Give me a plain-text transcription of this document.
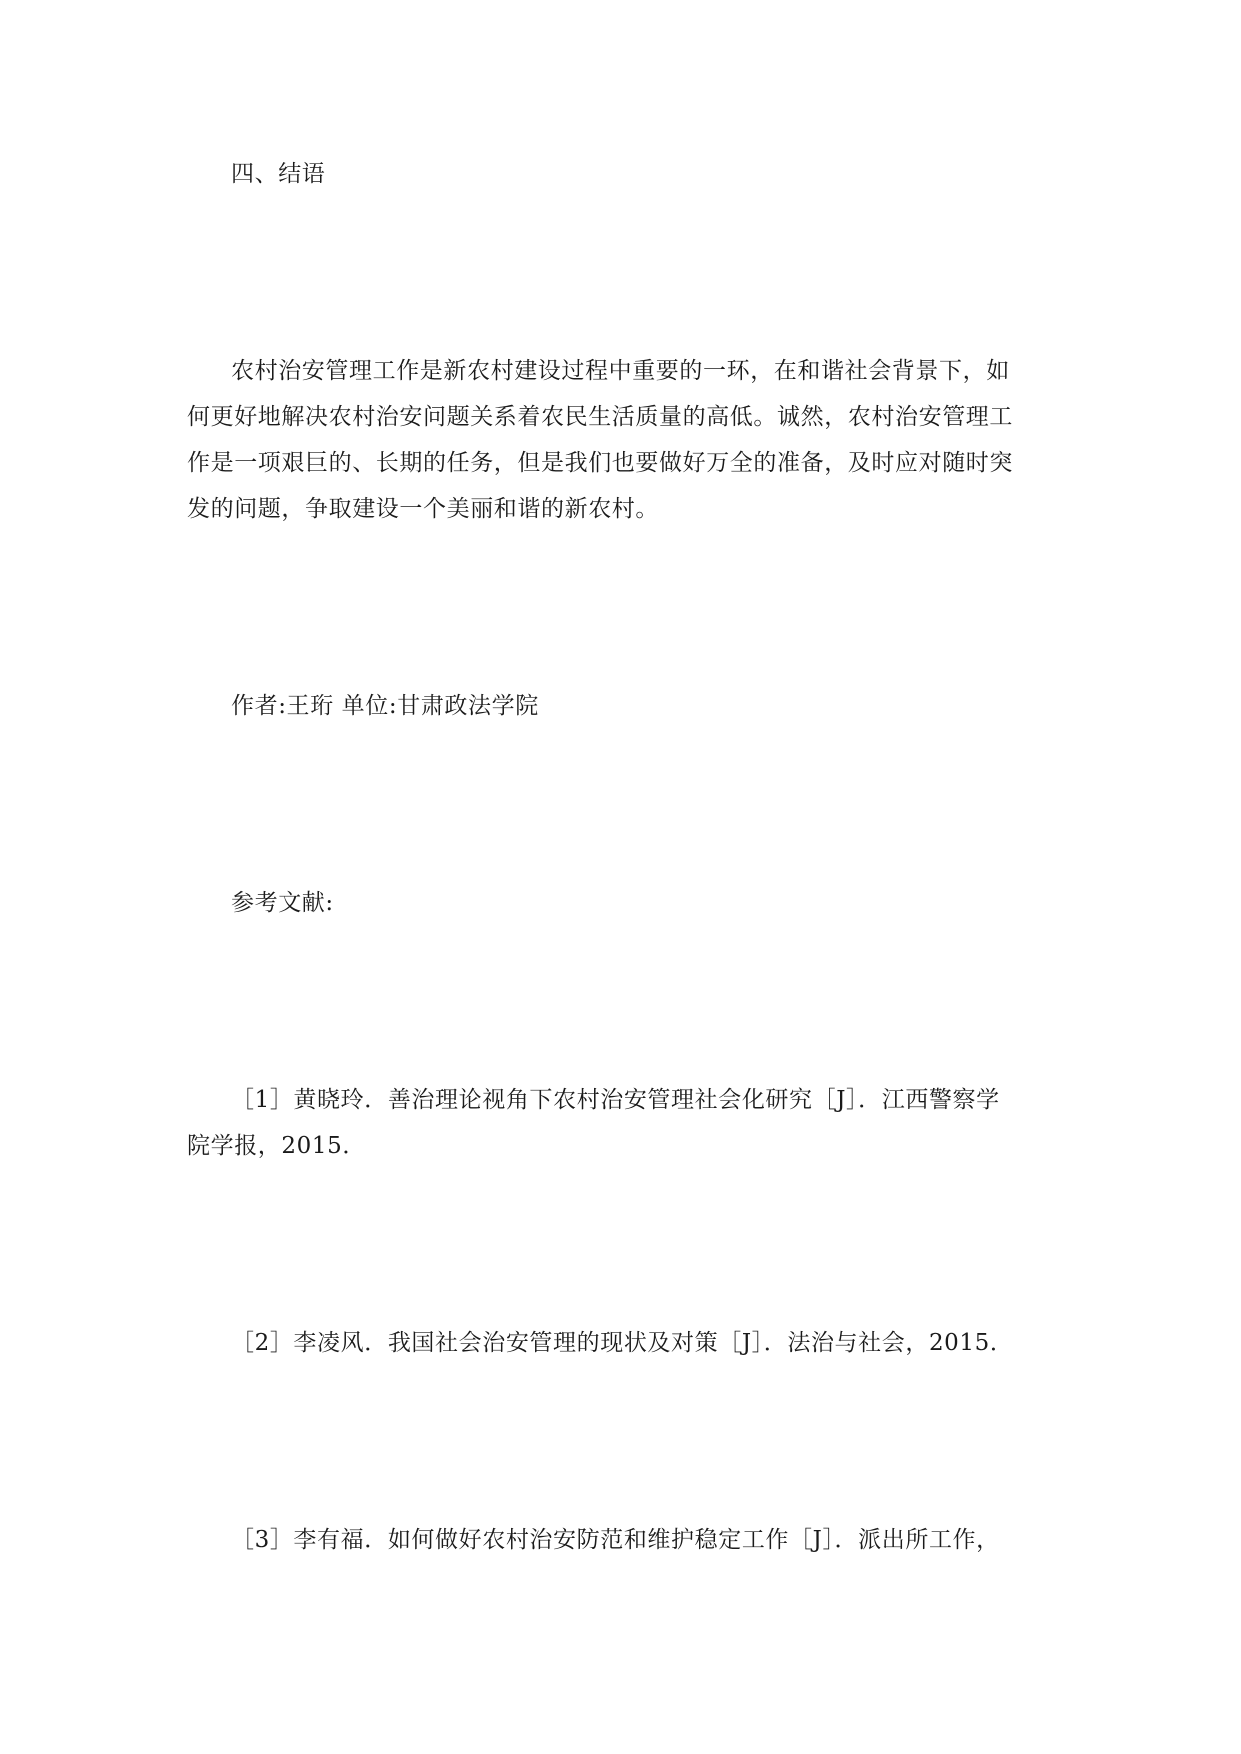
四、结语

农村治安管理工作是新农村建设过程中重要的一环，在和谐社会背景下，如

何更好地解决农村治安问题关系着农民生活质量的高低。诚然，农村治安管理工

作是一项艰巨的、长期的任务，但是我们也要做好万全的准备，及时应对随时突

发的问题，争取建设一个美丽和谐的新农村。

作者:王珩 单位:甘肃政法学院

参考文献:

［1］黄晓玲．善治理论视角下农村治安管理社会化研究［J］．江西警察学

院学报，2015．

［2］李凌风．我国社会治安管理的现状及对策［J］．法治与社会，2015．

［3］李有福．如何做好农村治安防范和维护稳定工作［J］．派出所工作，
